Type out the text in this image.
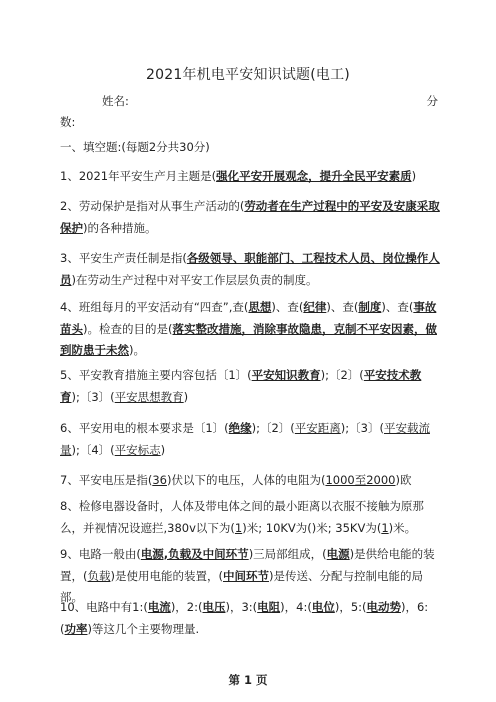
2021年机电平安知识试题(电工)
姓名:	分
数:
一、填空题:(每题2分共30分)
1、2021年平安生产月主题是(强化平安开展观念，提升全民平安素质)
2、劳动保护是指对从事生产活动的(劳动者在生产过程中的平安及安康采取保护)的各种措施。
3、平安生产责任制是指(各级领导、职能部门、工程技术人员、岗位操作人员)在劳动生产过程中对平安工作层层负责的制度。
4、班组每月的平安活动有“四查”,查(思想)、查(纪律)、查(制度)、查(事故苗头)。检查的目的是(落实整改措施，消除事故隐患，克制不平安因素，做到防患于未然)。
5、平安教育措施主要内容包括〔1〕(平安知识教育);〔2〕(平安技术教育);〔3〕(平安思想教育)
6、平安用电的根本要求是〔1〕(绝缘);〔2〕(平安距离);〔3〕(平安载流量);〔4〕(平安标志)
7、平安电压是指(36)伏以下的电压，人体的电阻为(1000至2000)欧
8、检修电器设备时，人体及带电体之间的最小距离以衣服不接触为原那么，并视情况设遮拦,380v以下为(1)米; 10KV为()米; 35KV为(1)米。
9、电路一般由(电源,负载及中间环节)三局部组成，(电源)是供给电能的装置，(负载)是使用电能的装置，(中间环节)是传送、分配与控制电能的局部。
10、电路中有1:(电流)，2:(电压)，3:(电阻)，4:(电位)，5:(电动势)，6:(功率)等这几个主要物理量.
第 1 页
